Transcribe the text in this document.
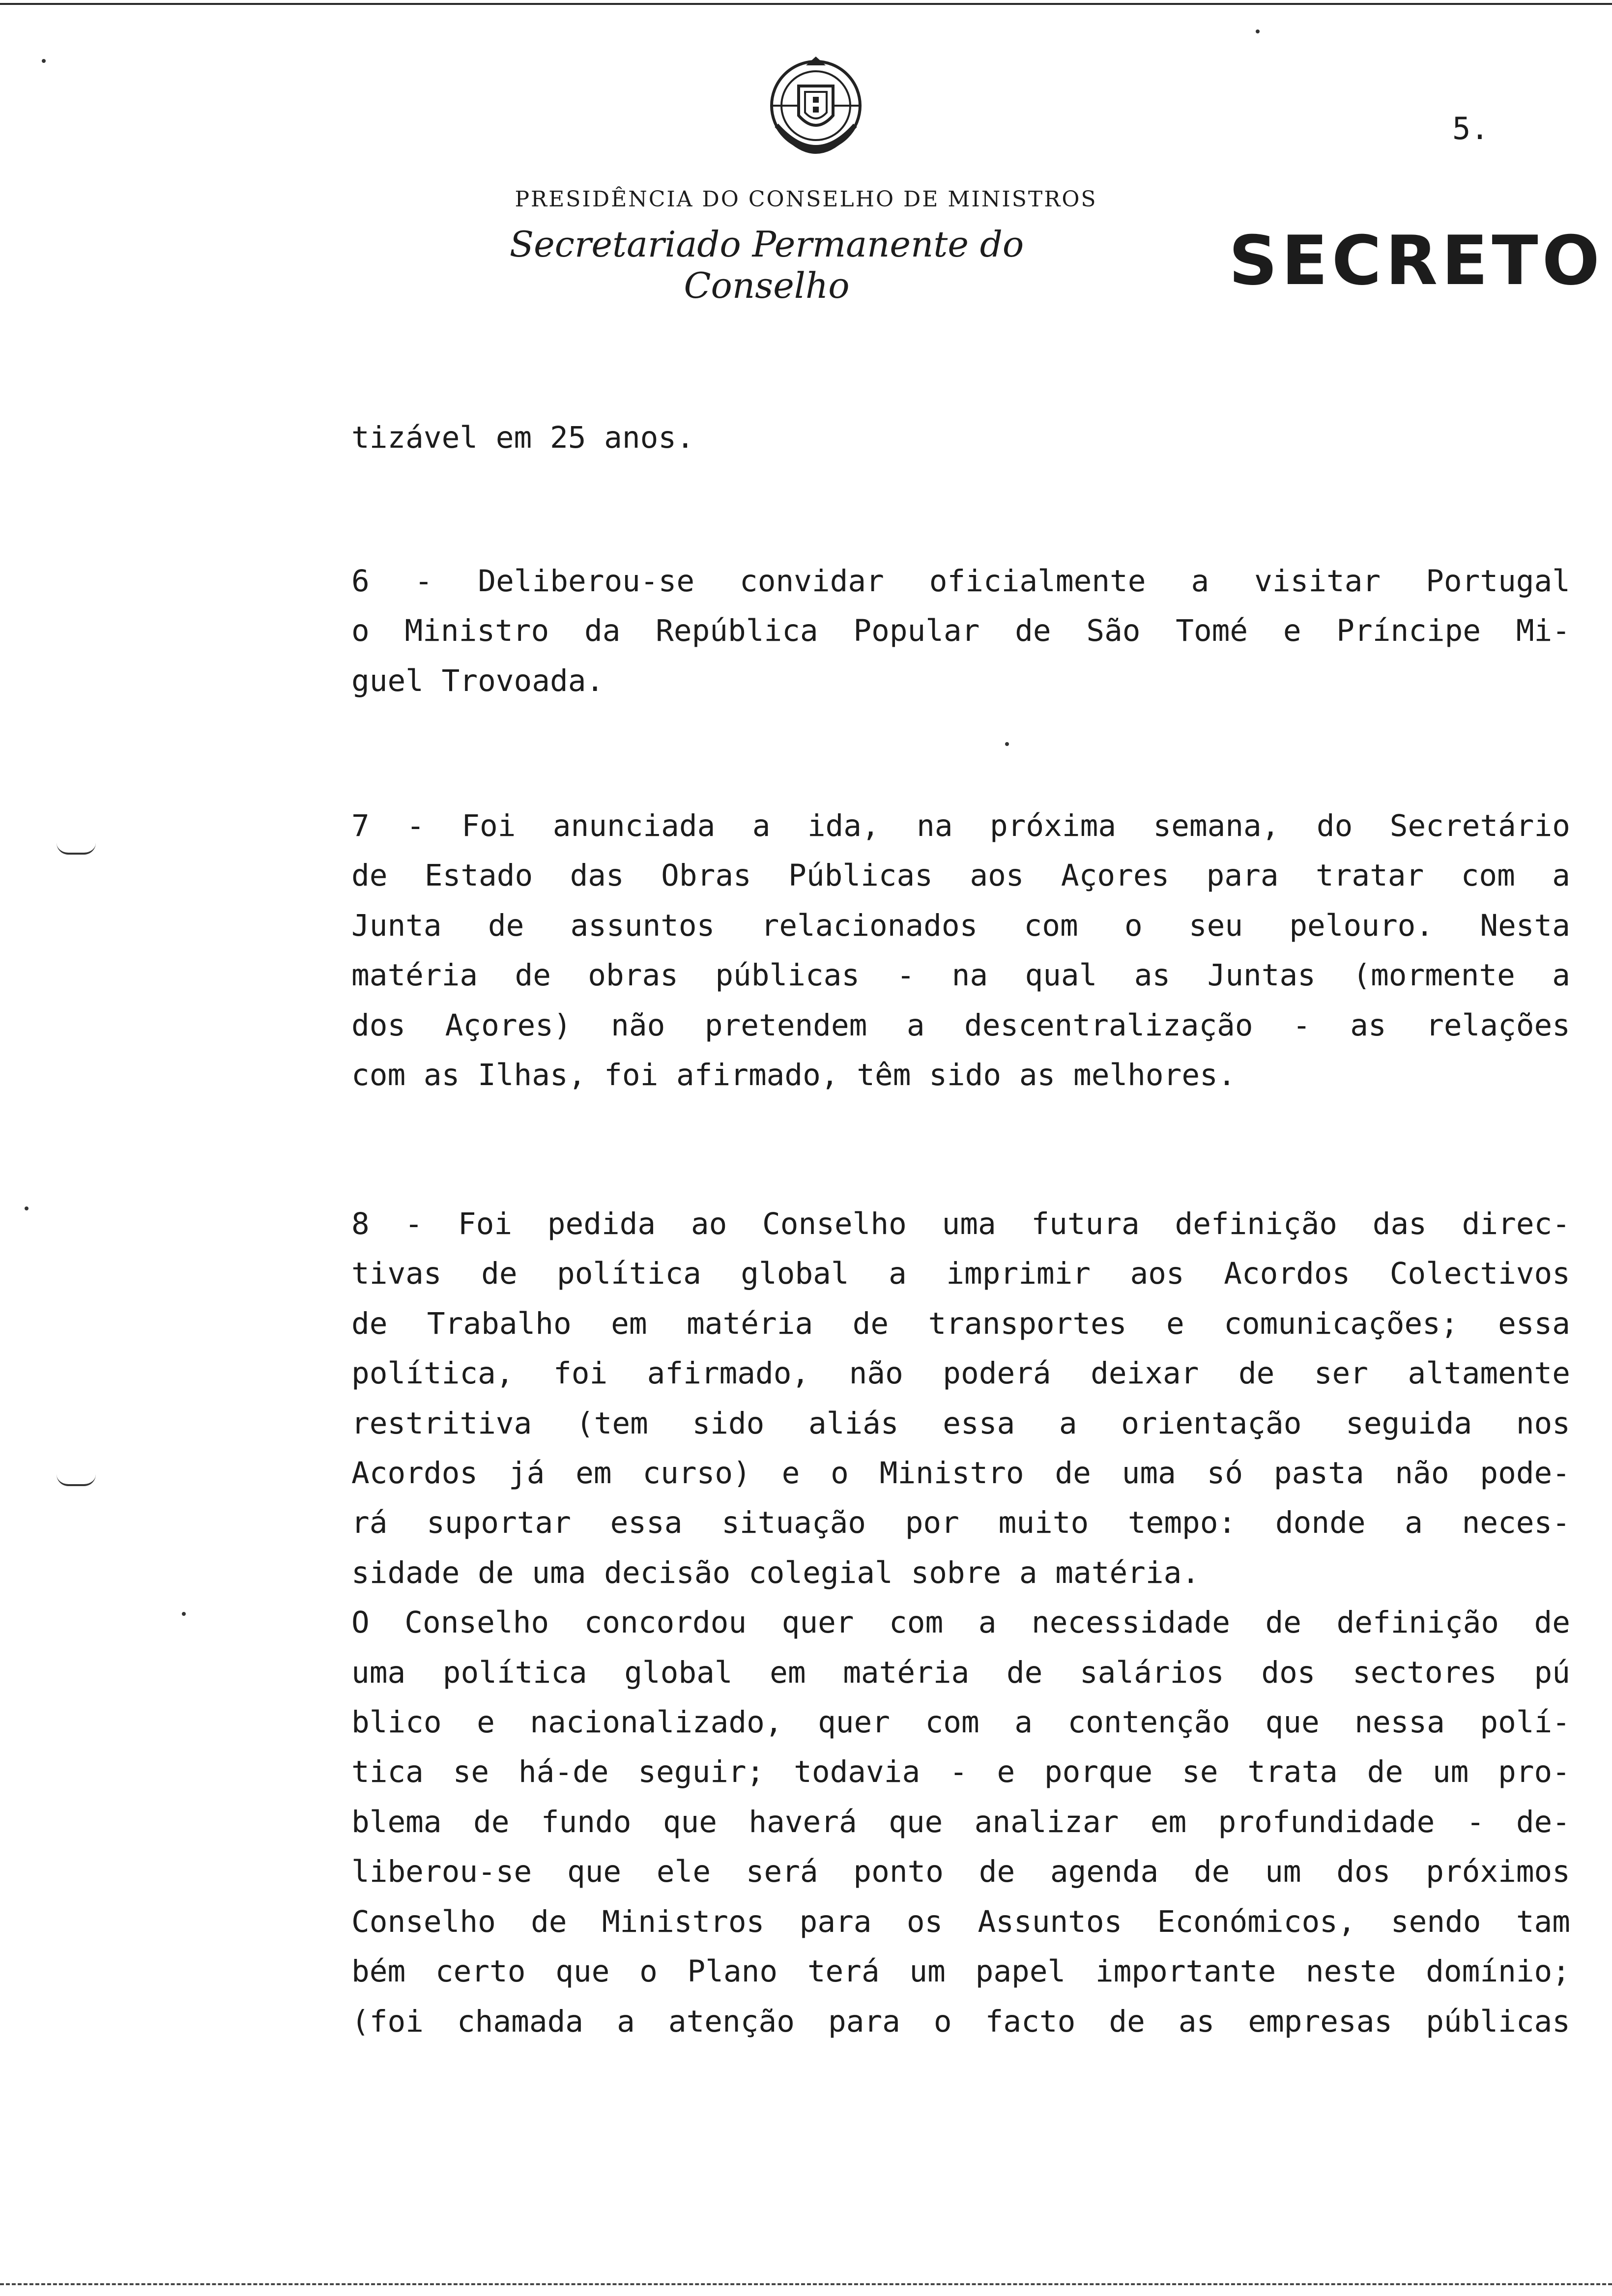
5.
PRESIDÊNCIA DO CONSELHO DE MINISTROS
Secretariado Permanente do Conselho	SECRETO
tizável em 25 anos.
6 - Deliberou-se convidar oficialmente a visitar Portugal
o Ministro da República Popular de São Tomé e Príncipe Mi-
guel Trovoada.
7 - Foi anunciada a ida, na próxima semana, do Secretário
de Estado das Obras Públicas aos Açores para tratar com a
Junta de assuntos relacionados com o seu pelouro. Nesta
matéria de obras públicas - na qual as Juntas (mormente a
dos Açores) não pretendem a descentralização - as relações
com as Ilhas, foi afirmado, têm sido as melhores.
8 - Foi pedida ao Conselho uma futura definição das direc-
tivas de política global a imprimir aos Acordos Colectivos
de Trabalho em matéria de transportes e comunicações; essa
política, foi afirmado, não poderá deixar de ser altamente
restritiva (tem sido aliás essa a orientação seguida nos
Acordos já em curso) e o Ministro de uma só pasta não pode-
rá suportar essa situação por muito tempo: donde a neces-
sidade de uma decisão colegial sobre a matéria.
O Conselho concordou quer com a necessidade de definição de
uma política global em matéria de salários dos sectores pú
blico e nacionalizado, quer com a contenção que nessa polí-
tica se há-de seguir; todavia - e porque se trata de um pro-
blema de fundo que haverá que analizar em profundidade - de-
liberou-se que ele será ponto de agenda de um dos próximos
Conselho de Ministros para os Assuntos Económicos, sendo tam
bém certo que o Plano terá um papel importante neste domínio;
(foi chamada a atenção para o facto de as empresas públicas
